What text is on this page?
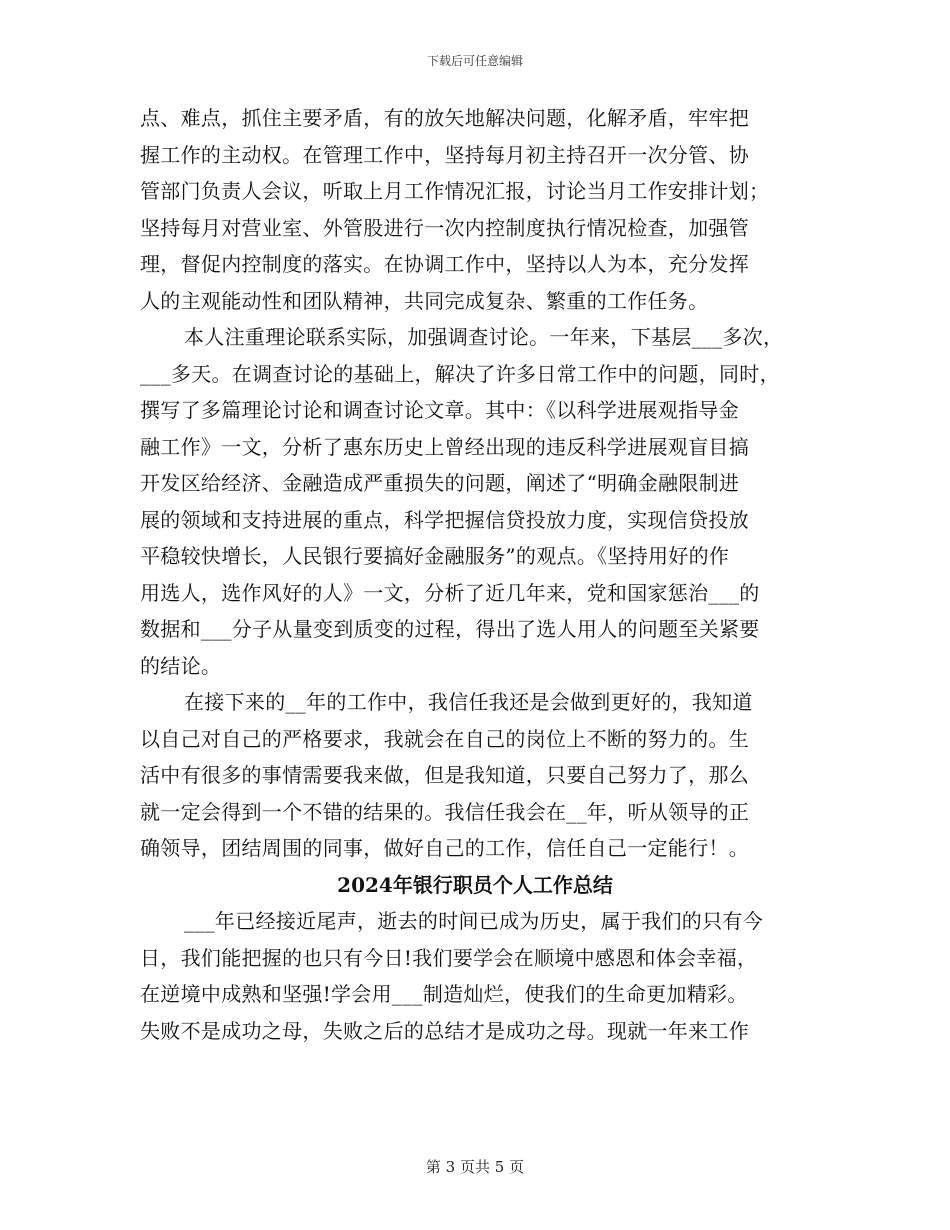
下载后可任意编辑
点、难点，抓住主要矛盾，有的放矢地解决问题，化解矛盾，牢牢把
握工作的主动权。在管理工作中，坚持每月初主持召开一次分管、协
管部门负责人会议，听取上月工作情况汇报，讨论当月工作安排计划；
坚持每月对营业室、外管股进行一次内控制度执行情况检查，加强管
理，督促内控制度的落实。在协调工作中，坚持以人为本，充分发挥
人的主观能动性和团队精神，共同完成复杂、繁重的工作任务。
本人注重理论联系实际，加强调查讨论。一年来，下基层___多次，
___多天。在调查讨论的基础上，解决了许多日常工作中的问题，同时，
撰写了多篇理论讨论和调查讨论文章。其中：《以科学进展观指导金
融工作》一文，分析了惠东历史上曾经出现的违反科学进展观盲目搞
开发区给经济、金融造成严重损失的问题，阐述了“明确金融限制进
展的领域和支持进展的重点，科学把握信贷投放力度，实现信贷投放
平稳较快增长，人民银行要搞好金融服务”的观点。《坚持用好的作
用选人，选作风好的人》一文，分析了近几年来，党和国家惩治___的
数据和___分子从量变到质变的过程，得出了选人用人的问题至关紧要
的结论。
在接下来的__年的工作中，我信任我还是会做到更好的，我知道
以自己对自己的严格要求，我就会在自己的岗位上不断的努力的。生
活中有很多的事情需要我来做，但是我知道，只要自己努力了，那么
就一定会得到一个不错的结果的。我信任我会在__年，听从领导的正
确领导，团结周围的同事，做好自己的工作，信任自己一定能行！。
2024年银行职员个人工作总结
___年已经接近尾声，逝去的时间已成为历史，属于我们的只有今
日，我们能把握的也只有今日!我们要学会在顺境中感恩和体会幸福，
在逆境中成熟和坚强!学会用___制造灿烂，使我们的生命更加精彩。
失败不是成功之母，失败之后的总结才是成功之母。现就一年来工作
第 3 页共 5 页
